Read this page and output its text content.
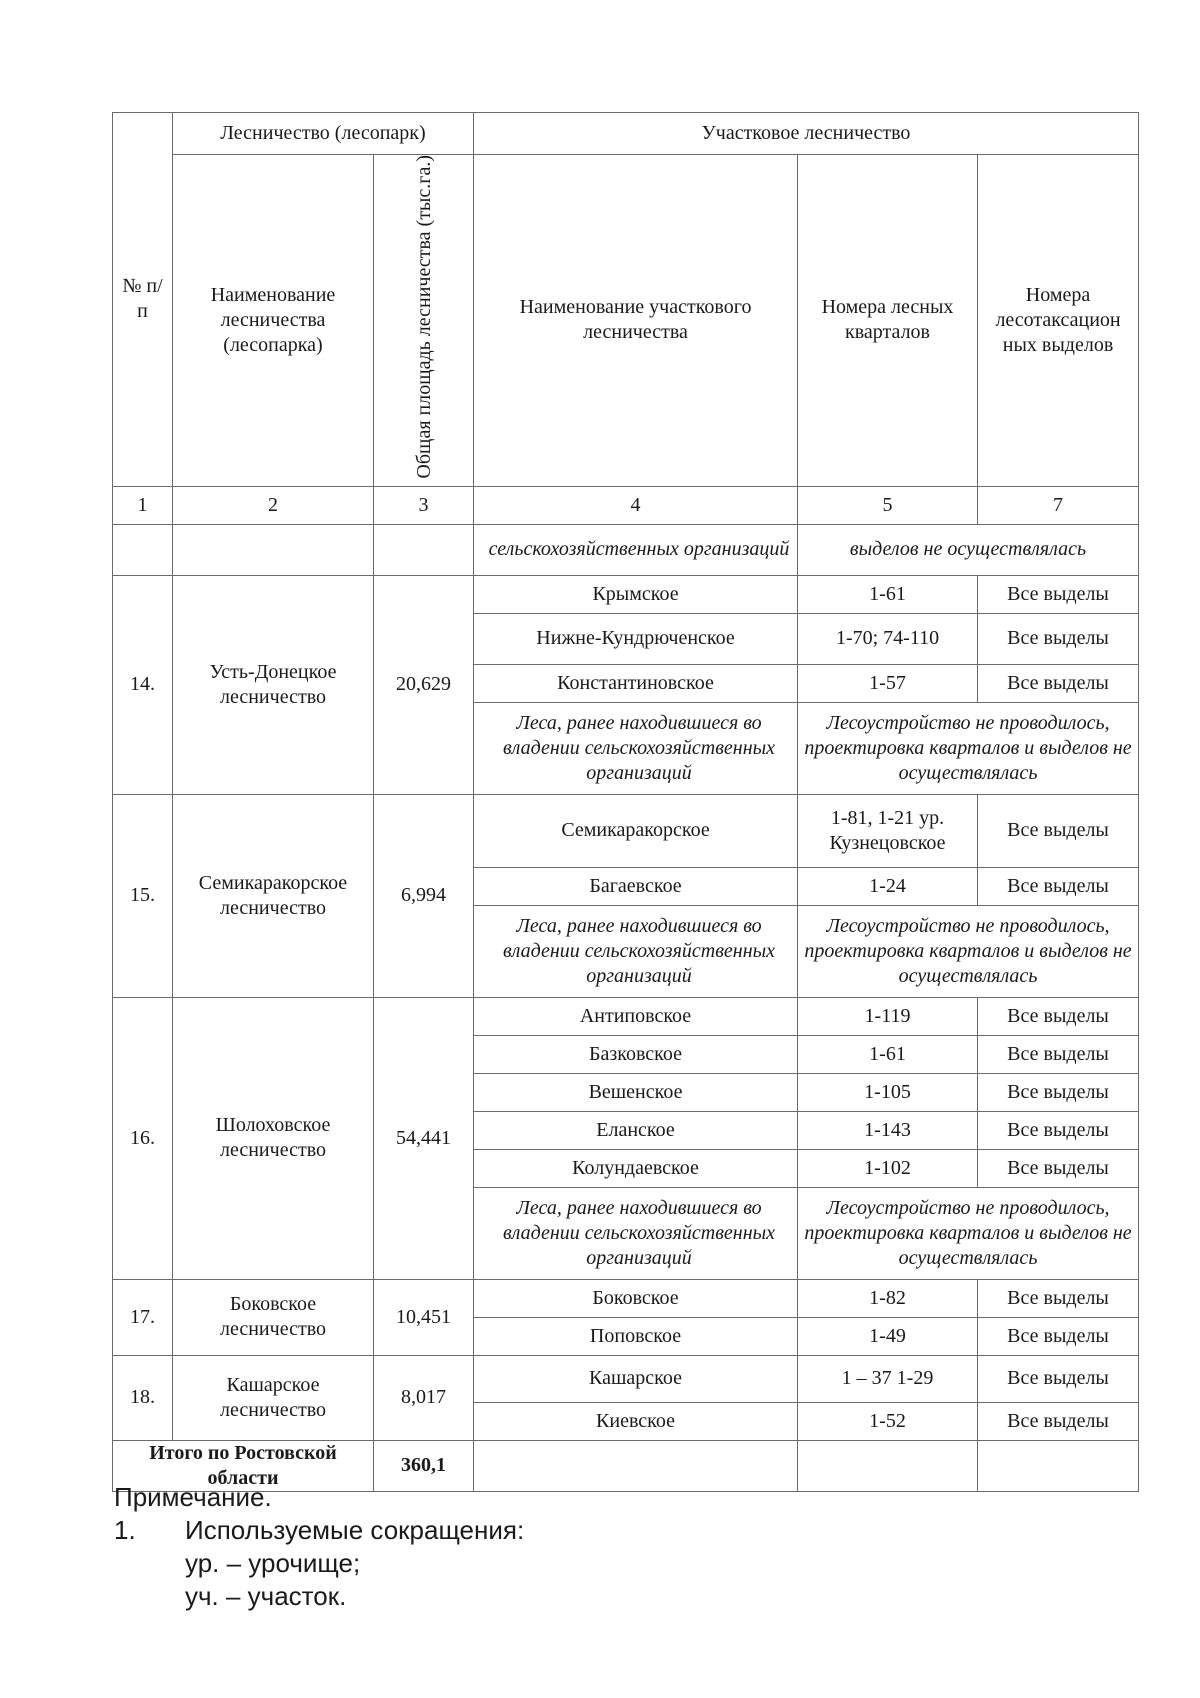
№ п/п	Лесничество (лесопарк)		Участковое лесничество		
	Наименование лесничества (лесопарка)	Общая площадь лесничества (тыс.га.)	Наименование участкового лесничества	Номера лесных кварталов	Номера лесотаксацион ных выделов
1	2	3	4	5	7
			сельскохозяйственных организаций	выделов не осуществлялась	
14.	Усть-Донецкое лесничество	20,629	Крымское	1-61	Все выделы
			Нижне-Кундрюченское	1-70; 74-110	Все выделы
			Константиновское	1-57	Все выделы
			Леса, ранее находившиеся во владении сельскохозяйственных организаций	Лесоустройство не проводилось, проектировка кварталов и выделов не осуществлялась	
15.	Семикаракорское лесничество	6,994	Семикаракорское	1-81, 1-21 ур. Кузнецовское	Все выделы
			Багаевское	1-24	Все выделы
			Леса, ранее находившиеся во владении сельскохозяйственных организаций	Лесоустройство не проводилось, проектировка кварталов и выделов не осуществлялась	
16.	Шолоховское лесничество	54,441	Антиповское	1-119	Все выделы
			Базковское	1-61	Все выделы
			Вешенское	1-105	Все выделы
			Еланское	1-143	Все выделы
			Колундаевское	1-102	Все выделы
			Леса, ранее находившиеся во владении сельскохозяйственных организаций	Лесоустройство не проводилось, проектировка кварталов и выделов не осуществлялась	
17.	Боковское лесничество	10,451	Боковское	1-82	Все выделы
			Поповское	1-49	Все выделы
18.	Кашарское лесничество	8,017	Кашарское	1 – 37 1-29	Все выделы
			Киевское	1-52	Все выделы
Итого по Ростовской области		360,1			
Примечание.
1.	Используемые сокращения:
ур. – урочище;
уч. – участок.
